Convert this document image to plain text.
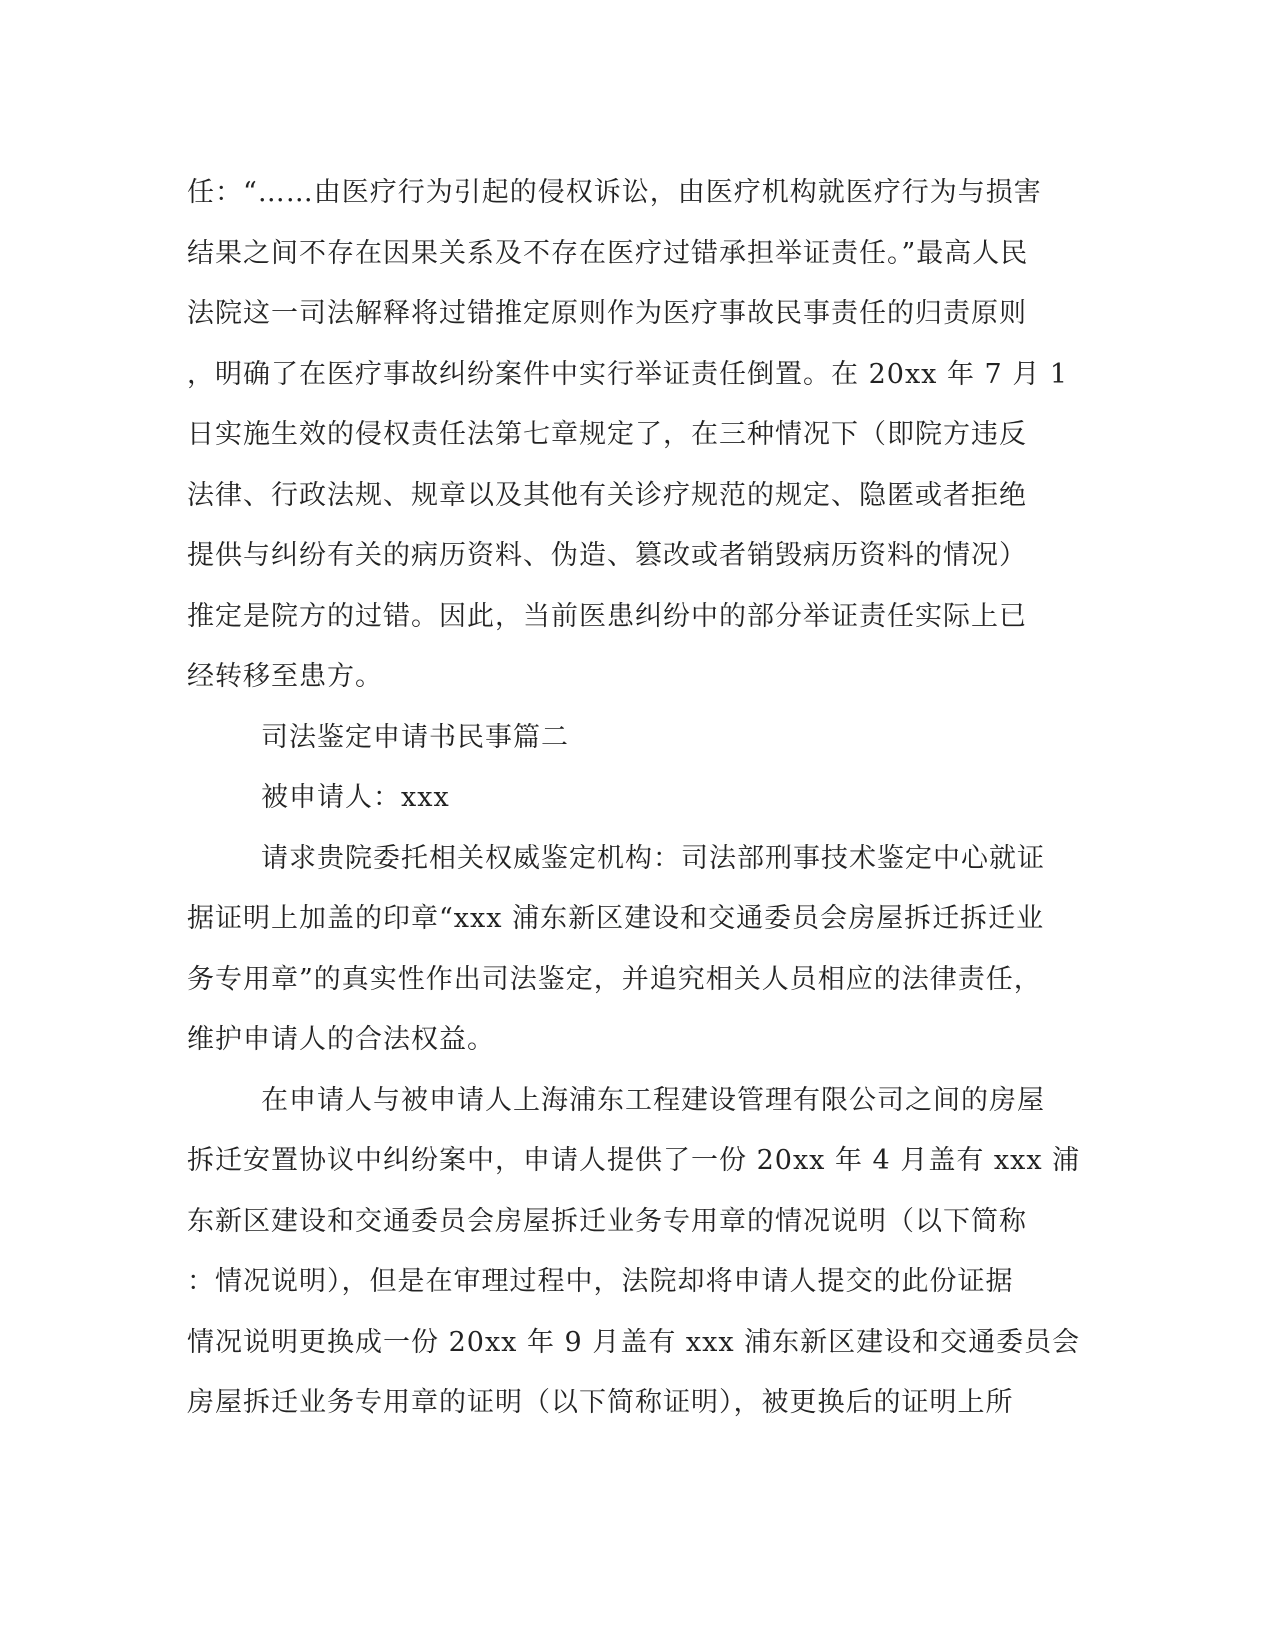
任：“……由医疗行为引起的侵权诉讼，由医疗机构就医疗行为与损害
结果之间不存在因果关系及不存在医疗过错承担举证责任。”最高人民
法院这一司法解释将过错推定原则作为医疗事故民事责任的归责原则
，明确了在医疗事故纠纷案件中实行举证责任倒置。在 20xx 年 7 月 1
日实施生效的侵权责任法第七章规定了，在三种情况下（即院方违反
法律、行政法规、规章以及其他有关诊疗规范的规定、隐匿或者拒绝
提供与纠纷有关的病历资料、伪造、篡改或者销毁病历资料的情况）
推定是院方的过错。因此，当前医患纠纷中的部分举证责任实际上已
经转移至患方。
司法鉴定申请书民事篇二
被申请人：xxx
请求贵院委托相关权威鉴定机构：司法部刑事技术鉴定中心就证
据证明上加盖的印章“xxx 浦东新区建设和交通委员会房屋拆迁拆迁业
务专用章”的真实性作出司法鉴定，并追究相关人员相应的法律责任，
维护申请人的合法权益。
在申请人与被申请人上海浦东工程建设管理有限公司之间的房屋
拆迁安置协议中纠纷案中，申请人提供了一份 20xx 年 4 月盖有 xxx 浦
东新区建设和交通委员会房屋拆迁业务专用章的情况说明（以下简称
：情况说明），但是在审理过程中，法院却将申请人提交的此份证据
情况说明更换成一份 20xx 年 9 月盖有 xxx 浦东新区建设和交通委员会
房屋拆迁业务专用章的证明（以下简称证明），被更换后的证明上所
